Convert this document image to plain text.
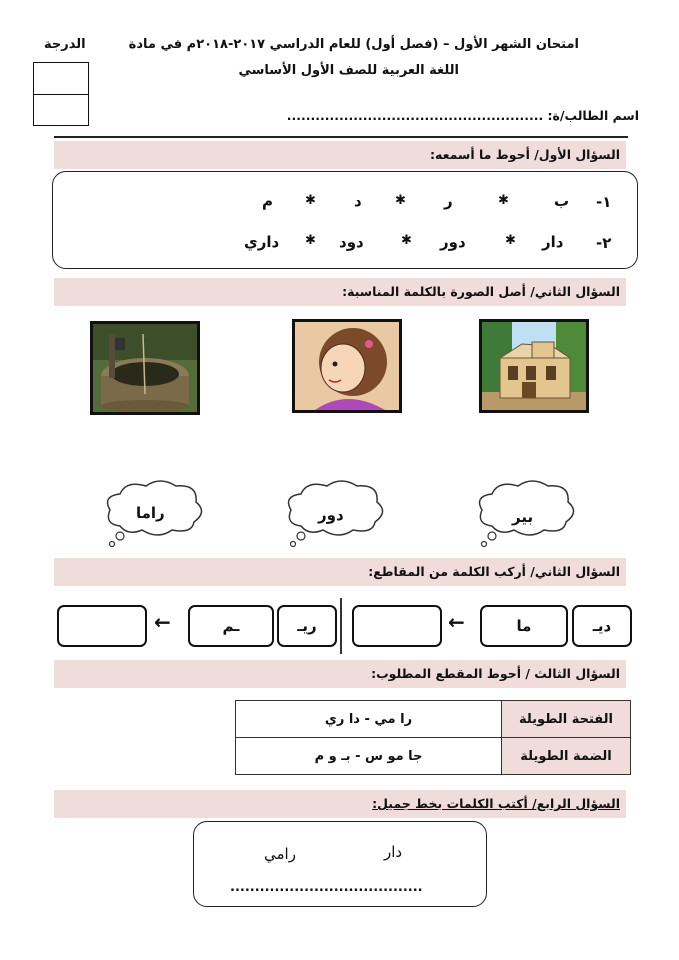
الدرجة	امتحان الشهر الأول – (فصل أول) للعام الدراسي ٢٠١٧-٢٠١٨م في مادة
اللغة العربية للصف الأول الأساسي
اسم الطالب/ة: ......................................................
السؤال الأول/ أحوط ما أسمعه:
١-
ب
✱
ر
✱
د
✱
م
٢-
دار
✱
دور
✱
دود
✱
داري
السؤال الثاني/ أصل الصورة بالكلمة المناسبة:
بير
دور
راما
السؤال الثاني/ أركب الكلمة من المقاطع:
ديـ
ما
←
ريـ
ـم
←
السؤال الثالث / أحوط المقطع المطلوب:
الفتحة الطويلة	را مي - دا ري
الضمة الطويلة	جا مو س - بـ و م
السؤال الرابع/ أكتب الكلمات بخط جميل:
دار
رامي
.......................................
